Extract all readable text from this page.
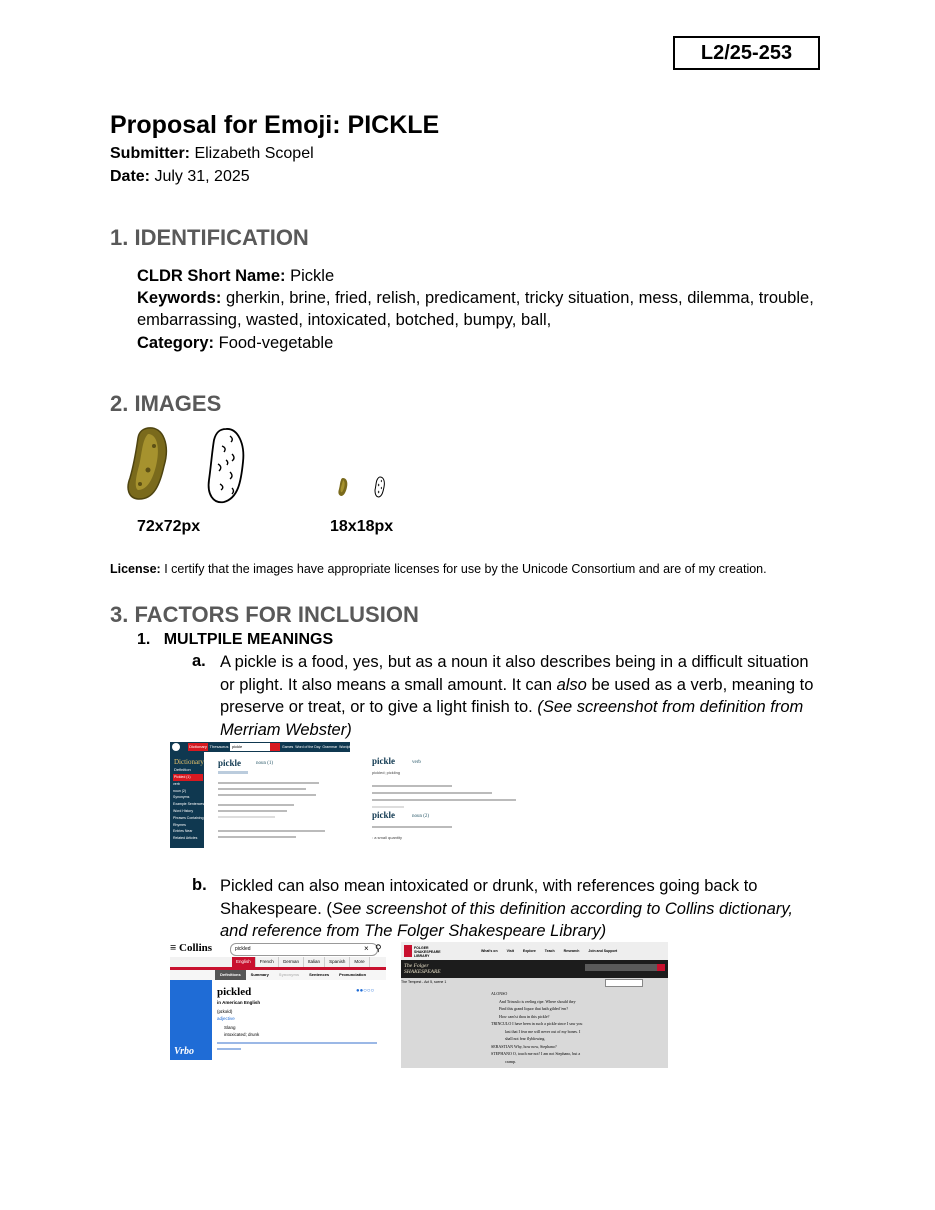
L2/25-253
Proposal for Emoji: PICKLE
Submitter: Elizabeth Scopel
Date: July 31, 2025
1. IDENTIFICATION
CLDR Short Name: Pickle
Keywords: gherkin, brine, fried, relish, predicament, tricky situation, mess, dilemma, trouble, embarrassing, wasted, intoxicated, botched, bumpy, ball,
Category: Food-vegetable
2. IMAGES
72x72px	18x18px
License: I certify that the images have appropriate licenses for use by the Unicode Consortium and are of my creation.
3. FACTORS FOR INCLUSION
1. MULTPILE MEANINGS
a. A pickle is a food, yes, but as a noun it also describes being in a difficult situation or plight. It also means a small amount. It can also be used as a verb, meaning to preserve or treat, or to give a light finish to. (See screenshot from definition from Merriam Webster)
Dictionary Thesaurus pickle	Games Word of the Day Grammar Wordplay
Dictionary
Definition
Pickled (1)
verb
noun (2)
Synonyms
Example Sentences
Word History
Phrases Containing
Rhymes
Entries Near
Related Articles
pickle	noun (1)	pickle	verb
pickled; pickling
pickle	noun (2)
: a small quantity
b. Pickled can also mean intoxicated or drunk, with references going back to Shakespeare. (See screenshot of this definition according to Collins dictionary, and reference from The Folger Shakespeare Library)
≡ Collins	pickled	× ⚲
English	French	German	Italian	Spanish	More
Definitions	Summary	Synonyms	Sentences	Pronunciation
Vrbo
pickled	●●○○○
in American English
(pɪkəld)
adjective
Slang
intoxicated; drunk
FOLGER SHAKESPEARE LIBRARY
What's on	Visit	Explore	Teach	Research	Join and Support
The Folger SHAKESPEARE
The Tempest - Act 5, scene 1
ALONSO
And Trinculo is reeling ripe. Where should they
Find this grand liquor that hath gilded 'em?
How cam'st thou in this pickle?
TRINCULO I have been in such a pickle since I saw you
last that I fear me will never out of my bones. I
shall not fear flyblowing.
SEBASTIAN Why, how now, Stephano?
STEPHANO O, touch me not! I am not Stephano, but a
cramp.
